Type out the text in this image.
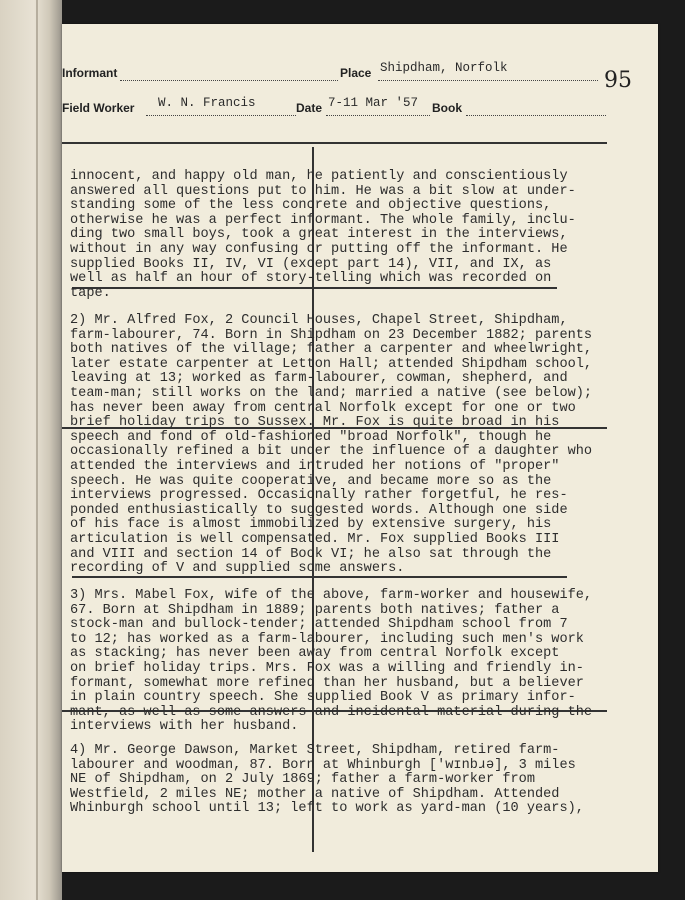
Informant	Place Shipdham, Norfolk	95
Field Worker W. N. Francis	Date 7-11 Mar '57 Book
innocent, and happy old man, he patiently and conscientiously
answered all questions put to him. He was a bit slow at under-
standing some of the less concrete and objective questions,
otherwise he was a perfect informant. The whole family, inclu-
ding two small boys, took a great interest in the interviews,
without in any way confusing or putting off the informant. He
supplied Books II, IV, VI (except part 14), VII, and IX, as
well as half an hour of story-telling which was recorded on
tape.
2) Mr. Alfred Fox, 2 Council Houses, Chapel Street, Shipdham,
farm-labourer, 74. Born in Shipdham on 23 December 1882; parents
both natives of the village; father a carpenter and wheelwright,
later estate carpenter at Letton Hall; attended Shipdham school,
leaving at 13; worked as farm-labourer, cowman, shepherd, and
team-man; still works on the land; married a native (see below);
has never been away from central Norfolk except for one or two
brief holiday trips to Sussex. Mr. Fox is quite broad in his
speech and fond of old-fashioned "broad Norfolk", though he
occasionally refined a bit under the influence of a daughter who
attended the interviews and intruded her notions of "proper"
speech. He was quite cooperative, and became more so as the
interviews progressed. Occasionally rather forgetful, he res-
ponded enthusiastically to suggested words. Although one side
of his face is almost immobilized by extensive surgery, his
articulation is well compensated. Mr. Fox supplied Books III
and VIII and section 14 of Book VI; he also sat through the
recording of V and supplied some answers.
3) Mrs. Mabel Fox, wife of the above, farm-worker and housewife,
67. Born at Shipdham in 1889; parents both natives; father a
stock-man and bullock-tender; attended Shipdham school from 7
to 12; has worked as a farm-labourer, including such men's work
as stacking; has never been away from central Norfolk except
on brief holiday trips. Mrs. Fox was a willing and friendly in-
formant, somewhat more refined than her husband, but a believer
in plain country speech. She supplied Book V as primary infor-
mant, as well as some answers and incidental material during the
interviews with her husband.
4) Mr. George Dawson, Market Street, Shipdham, retired farm-
labourer and woodman, 87. Born at Whinburgh ['wɪnbɹə], 3 miles
NE of Shipdham, on 2 July 1869; father a farm-worker from
Westfield, 2 miles NE; mother a native of Shipdham. Attended
Whinburgh school until 13; left to work as yard-man (10 years),
